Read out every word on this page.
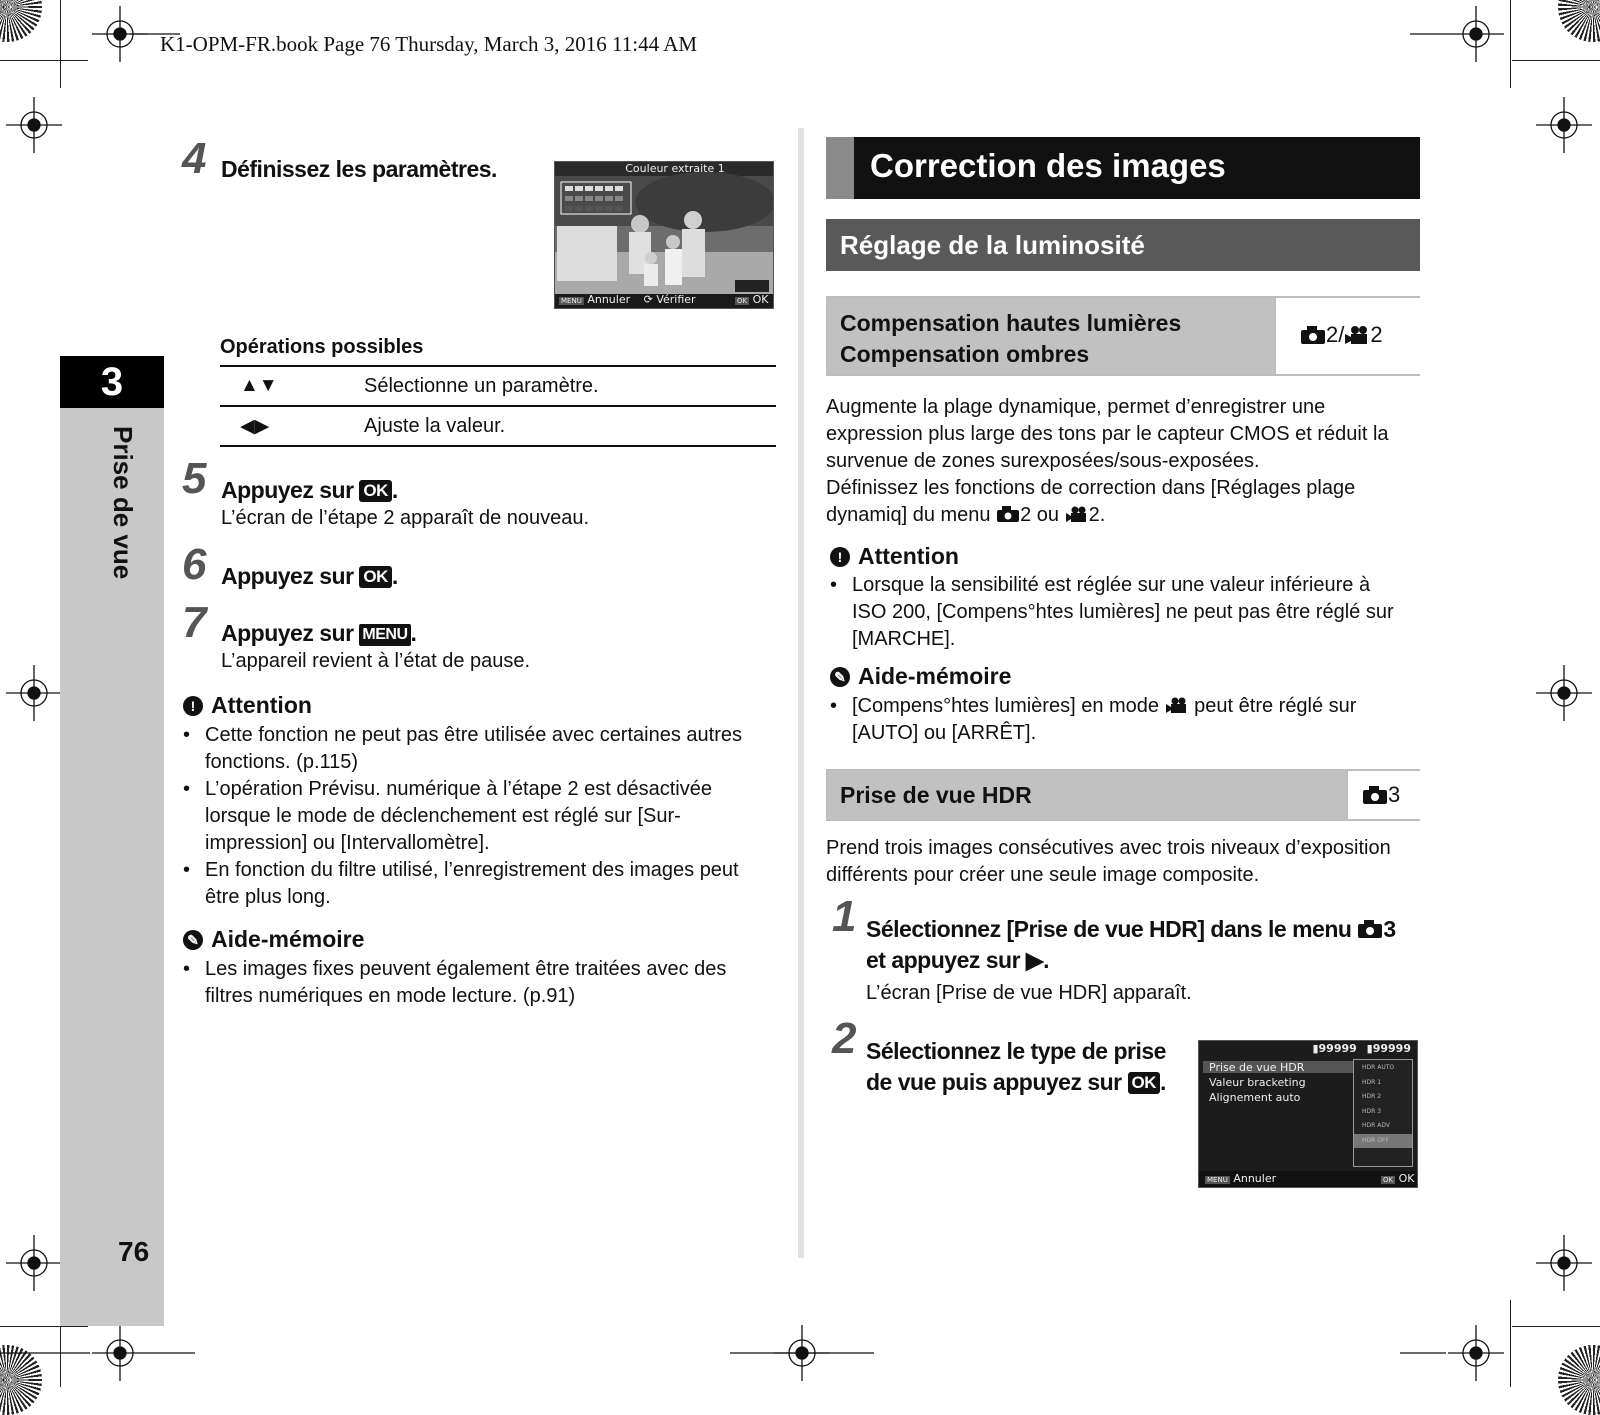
K1-OPM-FR.book Page 76 Thursday, March 3, 2016 11:44 AM
3
Prise de vue
76
4 Définissez les paramètres.	Couleur extraite 1
MENU Annuler ⟳ Vérifier	OK OK
Opérations possibles
▲▼	Sélectionne un paramètre.
◀▶	Ajuste la valeur.
5 Appuyez sur OK .
L’écran de l’étape 2 apparaît de nouveau.
6 Appuyez sur OK .
7 Appuyez sur MENU .
L’appareil revient à l’état de pause.
! Attention
• Cette fonction ne peut pas être utilisée avec certaines autres fonctions. (p.115)
• L’opération Prévisu. numérique à l’étape 2 est désactivée lorsque le mode de déclenchement est réglé sur [Sur-impression] ou [Intervallomètre].
• En fonction du filtre utilisé, l’enregistrement des images peut être plus long.
✎ Aide-mémoire
• Les images fixes peuvent également être traitées avec des filtres numériques en mode lecture. (p.91)
Correction des images
Réglage de la luminosité
Compensation hautes lumières
Compensation ombres
2/ 2
Augmente la plage dynamique, permet d’enregistrer une expression plus large des tons par le capteur CMOS et réduit la survenue de zones surexposées/sous-exposées.
Définissez les fonctions de correction dans [Réglages plage dynamiq] du menu 2 ou 2.
! Attention
• Lorsque la sensibilité est réglée sur une valeur inférieure à ISO 200, [Compens°htes lumières] ne peut pas être réglé sur [MARCHE].
✎ Aide-mémoire
• [Compens°htes lumières] en mode  peut être réglé sur [AUTO] ou [ARRÊT].
Prise de vue HDR	3
Prend trois images consécutives avec trois niveaux d’exposition différents pour créer une seule image composite.
1 Sélectionnez [Prise de vue HDR] dans le menu 3
et appuyez sur ▶.
L’écran [Prise de vue HDR] apparaît.
2 Sélectionnez le type de prise
de vue puis appuyez sur OK .
▮99999 ▮99999
Prise de vue HDR
Valeur bracketing
Alignement auto
HDR AUTO
HDR 1
HDR 2
HDR 3
HDR ADV
HDR OFF
MENU Annuler	OK OK
